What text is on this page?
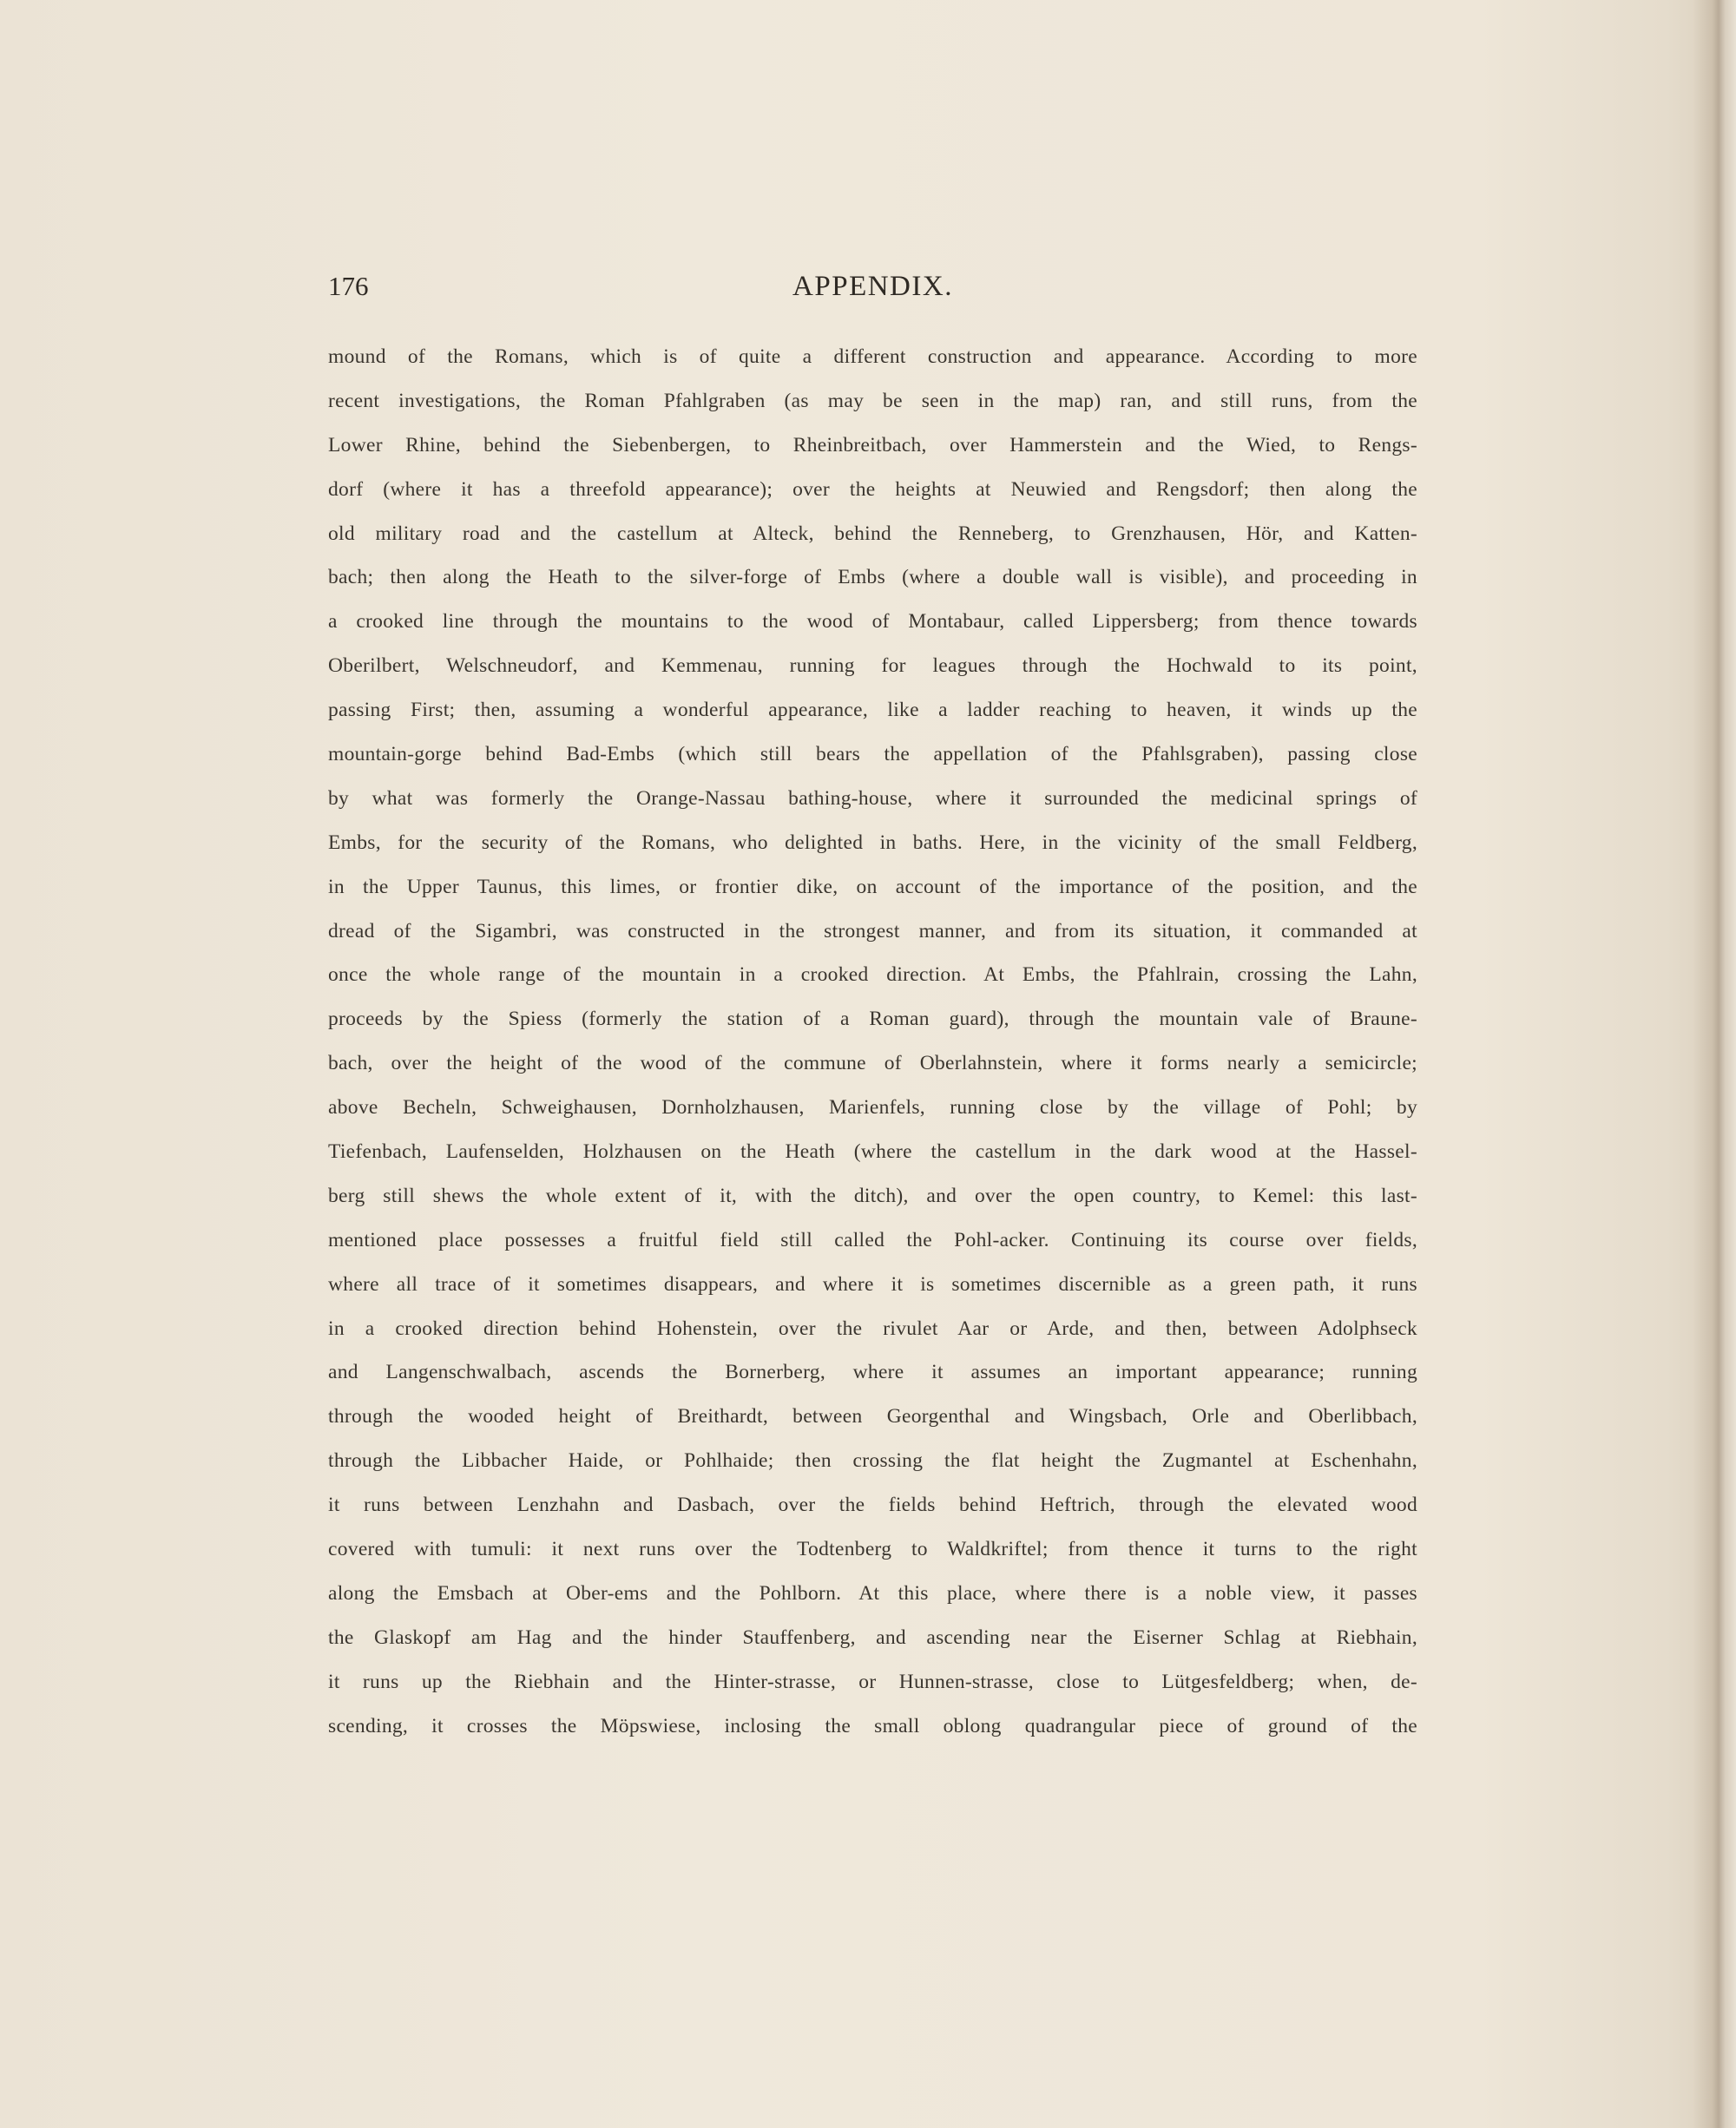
176	APPENDIX.
mound of the Romans, which is of quite a different construction and appearance. According to more
recent investigations, the Roman Pfahlgraben (as may be seen in the map) ran, and still runs, from the
Lower Rhine, behind the Siebenbergen, to Rheinbreitbach, over Hammerstein and the Wied, to Rengs-
dorf (where it has a threefold appearance); over the heights at Neuwied and Rengsdorf; then along the
old military road and the castellum at Alteck, behind the Renneberg, to Grenzhausen, Hör, and Katten-
bach; then along the Heath to the silver-forge of Embs (where a double wall is visible), and proceeding in
a crooked line through the mountains to the wood of Montabaur, called Lippersberg; from thence towards
Oberilbert, Welschneudorf, and Kemmenau, running for leagues through the Hochwald to its point,
passing First; then, assuming a wonderful appearance, like a ladder reaching to heaven, it winds up the
mountain-gorge behind Bad-Embs (which still bears the appellation of the Pfahlsgraben), passing close
by what was formerly the Orange-Nassau bathing-house, where it surrounded the medicinal springs of
Embs, for the security of the Romans, who delighted in baths. Here, in the vicinity of the small Feldberg,
in the Upper Taunus, this limes, or frontier dike, on account of the importance of the position, and the
dread of the Sigambri, was constructed in the strongest manner, and from its situation, it commanded at
once the whole range of the mountain in a crooked direction. At Embs, the Pfahlrain, crossing the Lahn,
proceeds by the Spiess (formerly the station of a Roman guard), through the mountain vale of Braune-
bach, over the height of the wood of the commune of Oberlahnstein, where it forms nearly a semicircle;
above Becheln, Schweighausen, Dornholzhausen, Marienfels, running close by the village of Pohl; by
Tiefenbach, Laufenselden, Holzhausen on the Heath (where the castellum in the dark wood at the Hassel-
berg still shews the whole extent of it, with the ditch), and over the open country, to Kemel: this last-
mentioned place possesses a fruitful field still called the Pohl-acker. Continuing its course over fields,
where all trace of it sometimes disappears, and where it is sometimes discernible as a green path, it runs
in a crooked direction behind Hohenstein, over the rivulet Aar or Arde, and then, between Adolphseck
and Langenschwalbach, ascends the Bornerberg, where it assumes an important appearance; running
through the wooded height of Breithardt, between Georgenthal and Wingsbach, Orle and Oberlibbach,
through the Libbacher Haide, or Pohlhaide; then crossing the flat height the Zugmantel at Eschenhahn,
it runs between Lenzhahn and Dasbach, over the fields behind Heftrich, through the elevated wood
covered with tumuli: it next runs over the Todtenberg to Waldkriftel; from thence it turns to the right
along the Emsbach at Ober-ems and the Pohlborn. At this place, where there is a noble view, it passes
the Glaskopf am Hag and the hinder Stauffenberg, and ascending near the Eiserner Schlag at Riebhain,
it runs up the Riebhain and the Hinter-strasse, or Hunnen-strasse, close to Lütgesfeldberg; when, de-
scending, it crosses the Möpswiese, inclosing the small oblong quadrangular piece of ground of the
